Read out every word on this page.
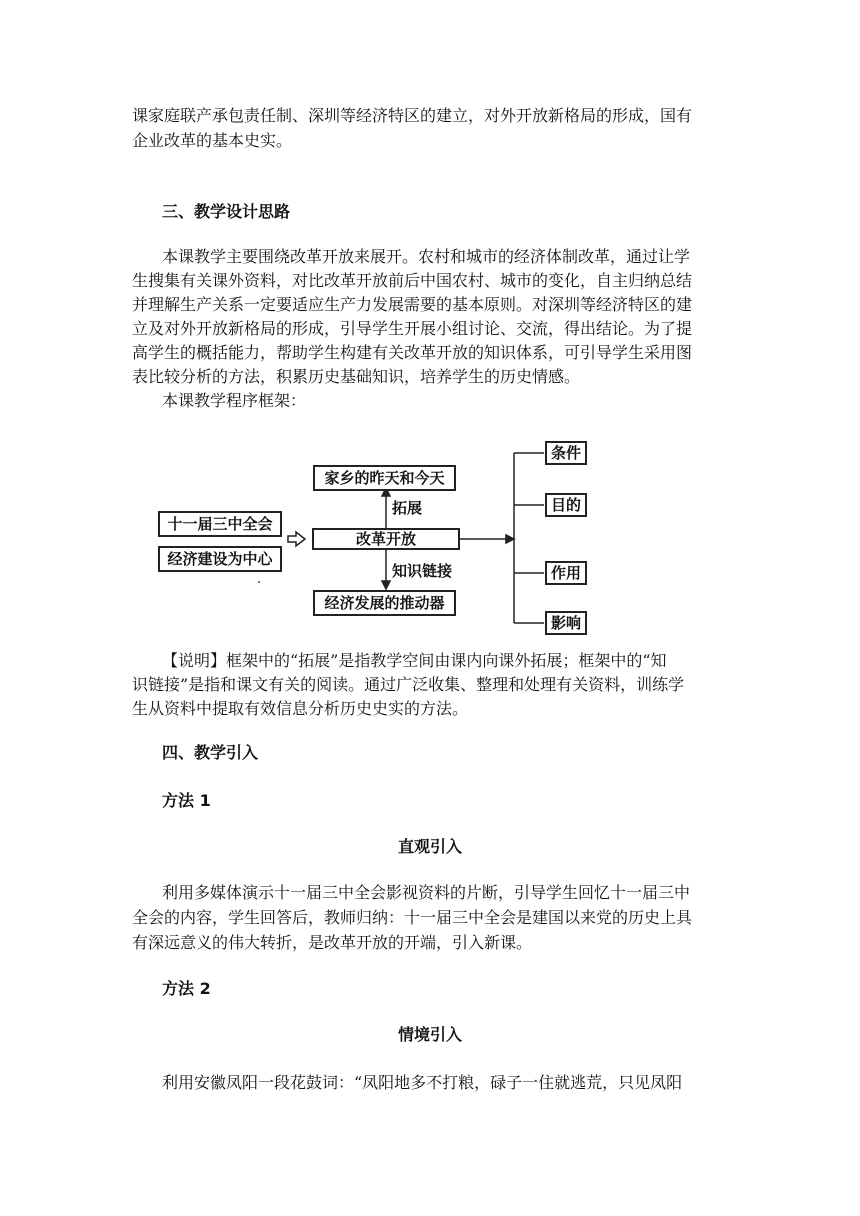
课家庭联产承包责任制、深圳等经济特区的建立，对外开放新格局的形成，国有
企业改革的基本史实。
三、教学设计思路
本课教学主要围绕改革开放来展开。农村和城市的经济体制改革，通过让学
生搜集有关课外资料，对比改革开放前后中国农村、城市的变化，自主归纳总结
并理解生产关系一定要适应生产力发展需要的基本原则。对深圳等经济特区的建
立及对外开放新格局的形成，引导学生开展小组讨论、交流，得出结论。为了提
高学生的概括能力，帮助学生构建有关改革开放的知识体系，可引导学生采用图
表比较分析的方法，积累历史基础知识，培养学生的历史情感。
本课教学程序框架：
十一届三中全会
经济建设为中心
改革开放
家乡的昨天和今天
经济发展的推动器
拓展
知识链接
条件
目的
作用
影响
【说明】框架中的“拓展”是指教学空间由课内向课外拓展；框架中的“知
识链接”是指和课文有关的阅读。通过广泛收集、整理和处理有关资料，训练学
生从资料中提取有效信息分析历史史实的方法。
四、教学引入
方法 1
直观引入
利用多媒体演示十一届三中全会影视资料的片断，引导学生回忆十一届三中
全会的内容，学生回答后，教师归纳：十一届三中全会是建国以来党的历史上具
有深远意义的伟大转折，是改革开放的开端，引入新课。
方法 2
情境引入
利用安徽凤阳一段花鼓词：“凤阳地多不打粮，碌子一住就逃荒，只见凤阳
